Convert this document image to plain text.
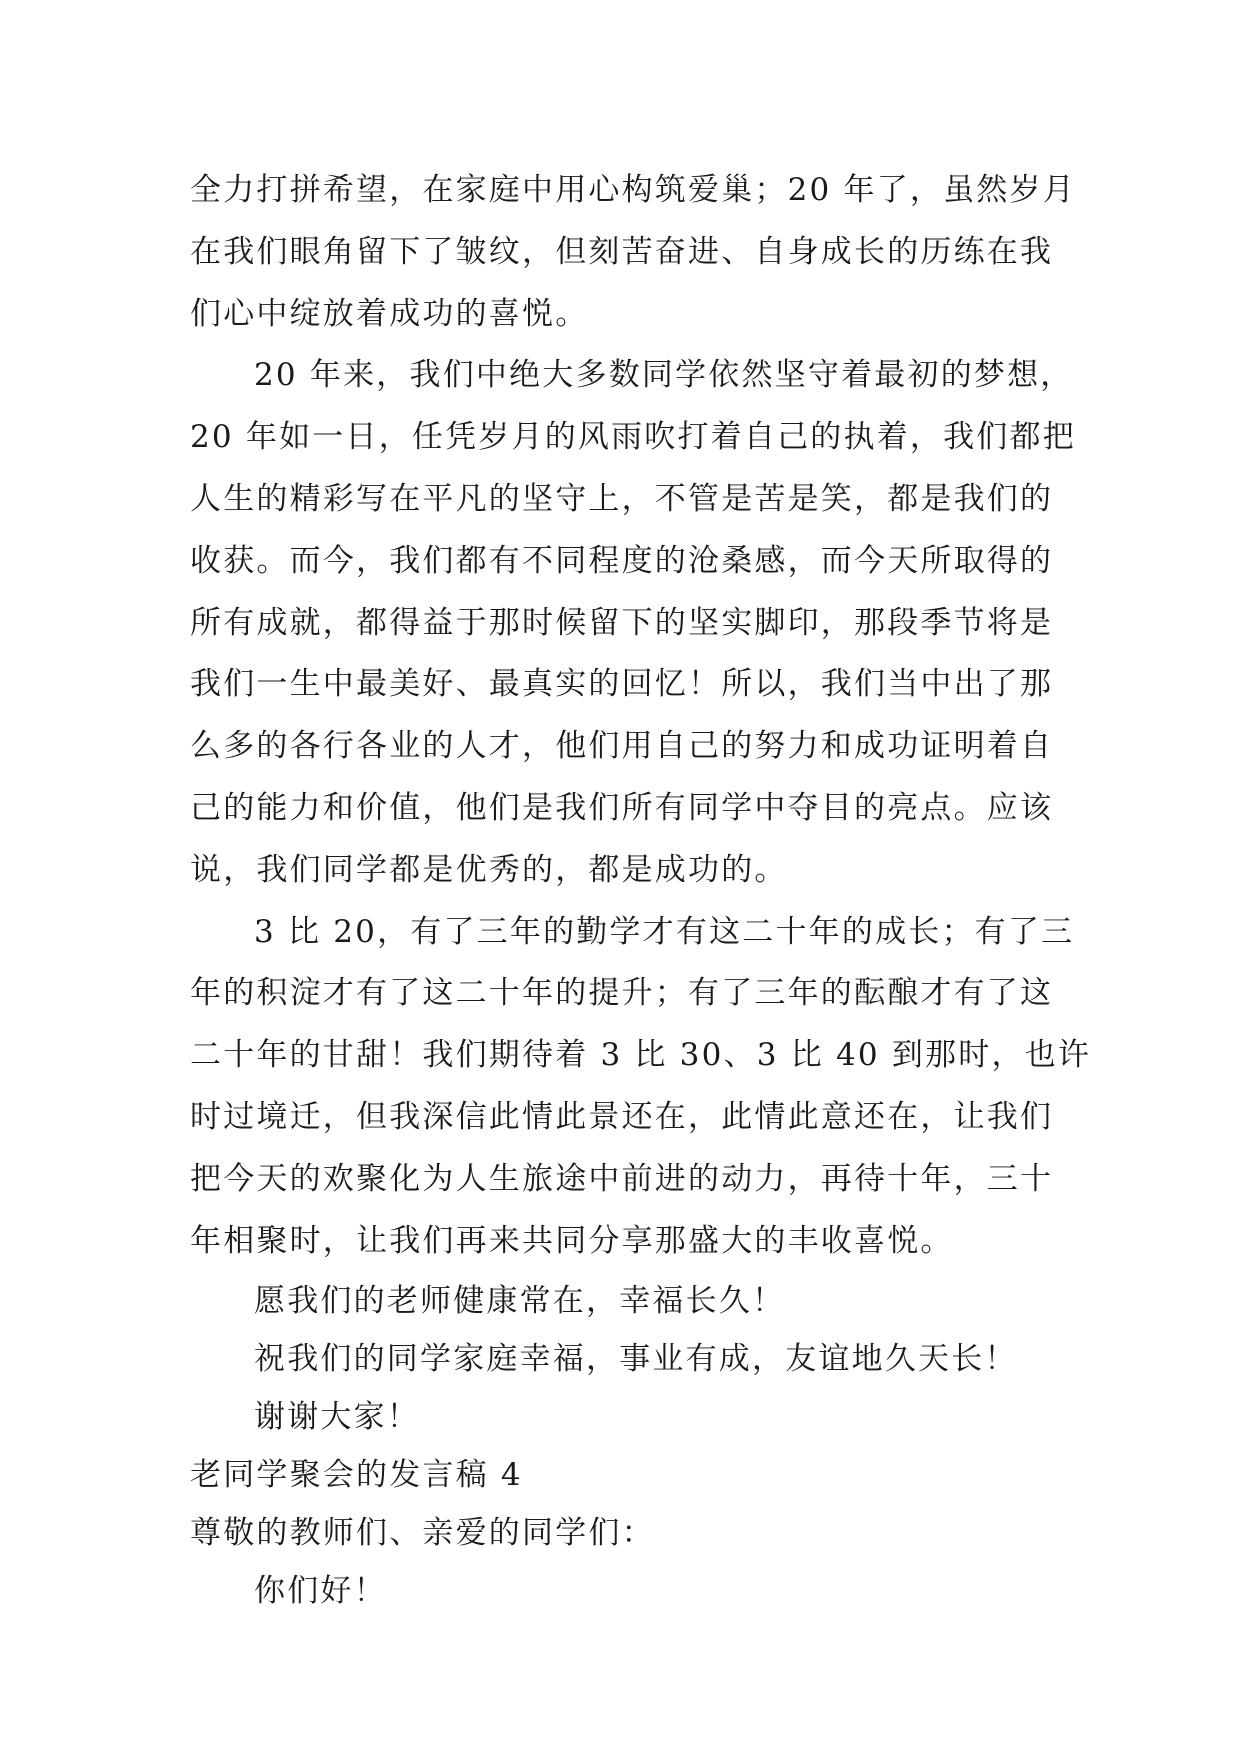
全力打拼希望，在家庭中用心构筑爱巢；20 年了，虽然岁月
在我们眼角留下了皱纹，但刻苦奋进、自身成长的历练在我
们心中绽放着成功的喜悦。
20 年来，我们中绝大多数同学依然坚守着最初的梦想，
20 年如一日，任凭岁月的风雨吹打着自己的执着，我们都把
人生的精彩写在平凡的坚守上，不管是苦是笑，都是我们的
收获。而今，我们都有不同程度的沧桑感，而今天所取得的
所有成就，都得益于那时候留下的坚实脚印，那段季节将是
我们一生中最美好、最真实的回忆！所以，我们当中出了那
么多的各行各业的人才，他们用自己的努力和成功证明着自
己的能力和价值，他们是我们所有同学中夺目的亮点。应该
说，我们同学都是优秀的，都是成功的。
3 比 20，有了三年的勤学才有这二十年的成长；有了三
年的积淀才有了这二十年的提升；有了三年的酝酿才有了这
二十年的甘甜！我们期待着 3 比 30、3 比 40 到那时，也许
时过境迁，但我深信此情此景还在，此情此意还在，让我们
把今天的欢聚化为人生旅途中前进的动力，再待十年，三十
年相聚时，让我们再来共同分享那盛大的丰收喜悦。
愿我们的老师健康常在，幸福长久！
祝我们的同学家庭幸福，事业有成，友谊地久天长！
谢谢大家！
老同学聚会的发言稿 4
尊敬的教师们、亲爱的同学们：
你们好！
